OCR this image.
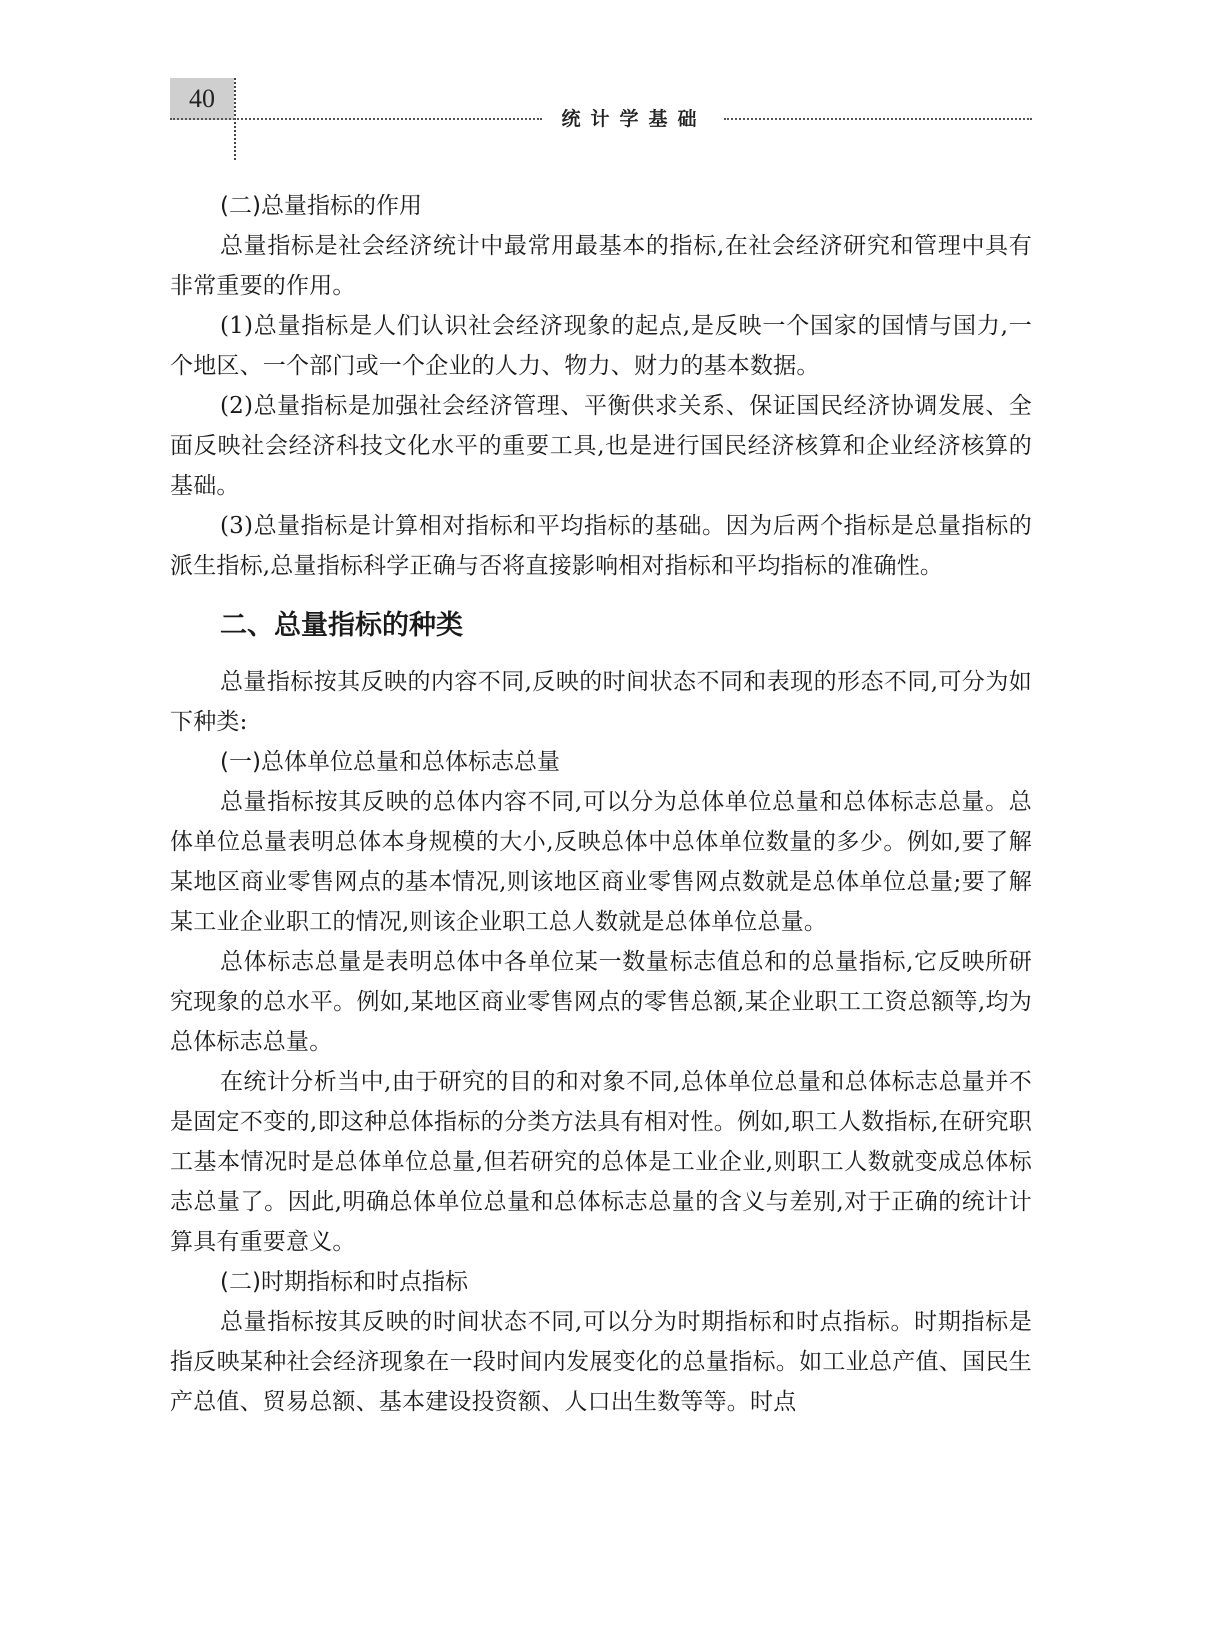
40
统计学基础
(二)总量指标的作用

总量指标是社会经济统计中最常用最基本的指标,在社会经济研究和管理中具有非常重要的作用。

(1)总量指标是人们认识社会经济现象的起点,是反映一个国家的国情与国力,一个地区、一个部门或一个企业的人力、物力、财力的基本数据。

(2)总量指标是加强社会经济管理、平衡供求关系、保证国民经济协调发展、全面反映社会经济科技文化水平的重要工具,也是进行国民经济核算和企业经济核算的基础。

(3)总量指标是计算相对指标和平均指标的基础。因为后两个指标是总量指标的派生指标,总量指标科学正确与否将直接影响相对指标和平均指标的准确性。

二、总量指标的种类

总量指标按其反映的内容不同,反映的时间状态不同和表现的形态不同,可分为如下种类:

(一)总体单位总量和总体标志总量

总量指标按其反映的总体内容不同,可以分为总体单位总量和总体标志总量。总体单位总量表明总体本身规模的大小,反映总体中总体单位数量的多少。例如,要了解某地区商业零售网点的基本情况,则该地区商业零售网点数就是总体单位总量;要了解某工业企业职工的情况,则该企业职工总人数就是总体单位总量。

总体标志总量是表明总体中各单位某一数量标志值总和的总量指标,它反映所研究现象的总水平。例如,某地区商业零售网点的零售总额,某企业职工工资总额等,均为总体标志总量。

在统计分析当中,由于研究的目的和对象不同,总体单位总量和总体标志总量并不是固定不变的,即这种总体指标的分类方法具有相对性。例如,职工人数指标,在研究职工基本情况时是总体单位总量,但若研究的总体是工业企业,则职工人数就变成总体标志总量了。因此,明确总体单位总量和总体标志总量的含义与差别,对于正确的统计计算具有重要意义。

(二)时期指标和时点指标

总量指标按其反映的时间状态不同,可以分为时期指标和时点指标。时期指标是指反映某种社会经济现象在一段时间内发展变化的总量指标。如工业总产值、国民生产总值、贸易总额、基本建设投资额、人口出生数等等。时点
